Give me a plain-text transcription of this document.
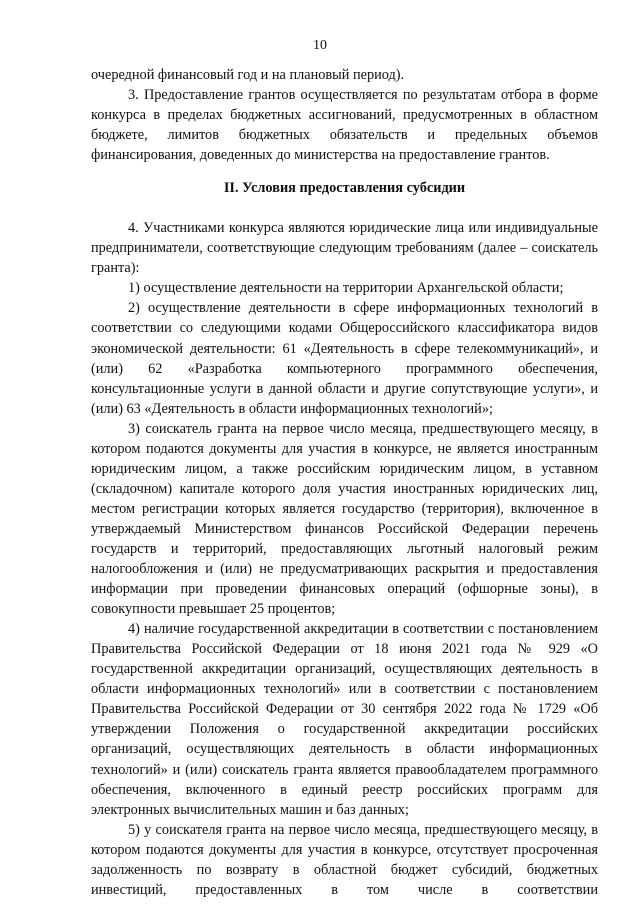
10

очередной финансовый год и на плановый период).

3. Предоставление грантов осуществляется по результатам отбора в форме конкурса в пределах бюджетных ассигнований, предусмотренных в областном бюджете, лимитов бюджетных обязательств и предельных объемов финансирования, доведенных до министерства на предоставление грантов.

II. Условия предоставления субсидии

4. Участниками конкурса являются юридические лица или индивидуальные предприниматели, соответствующие следующим требованиям (далее – соискатель гранта):

1) осуществление деятельности на территории Архангельской области;

2) осуществление деятельности в сфере информационных технологий в соответствии со следующими кодами Общероссийского классификатора видов экономической деятельности: 61 «Деятельность в сфере телекоммуникаций», и (или) 62 «Разработка компьютерного программного обеспечения, консультационные услуги в данной области и другие сопутствующие услуги», и (или) 63 «Деятельность в области информационных технологий»;

3) соискатель гранта на первое число месяца, предшествующего месяцу, в котором подаются документы для участия в конкурсе, не является иностранным юридическим лицом, а также российским юридическим лицом, в уставном (складочном) капитале которого доля участия иностранных юридических лиц, местом регистрации которых является государство (территория), включенное в утверждаемый Министерством финансов Российской Федерации перечень государств и территорий, предоставляющих льготный налоговый режим налогообложения и (или) не предусматривающих раскрытия и предоставления информации при проведении финансовых операций (офшорные зоны), в совокупности превышает 25 процентов;

4) наличие государственной аккредитации в соответствии с постановлением Правительства Российской Федерации от 18 июня 2021 года № 929 «О государственной аккредитации организаций, осуществляющих деятельность в области информационных технологий» или в соответствии с постановлением Правительства Российской Федерации от 30 сентября 2022 года № 1729 «Об утверждении Положения о государственной аккредитации российских организаций, осуществляющих деятельность в области информационных технологий» и (или) соискатель гранта является правообладателем программного обеспечения, включенного в единый реестр российских программ для электронных вычислительных машин и баз данных;

5) у соискателя гранта на первое число месяца, предшествующего месяцу, в котором подаются документы для участия в конкурсе, отсутствует просроченная задолженность по возврату в областной бюджет субсидий, бюджетных инвестиций, предоставленных в том числе в соответствии
